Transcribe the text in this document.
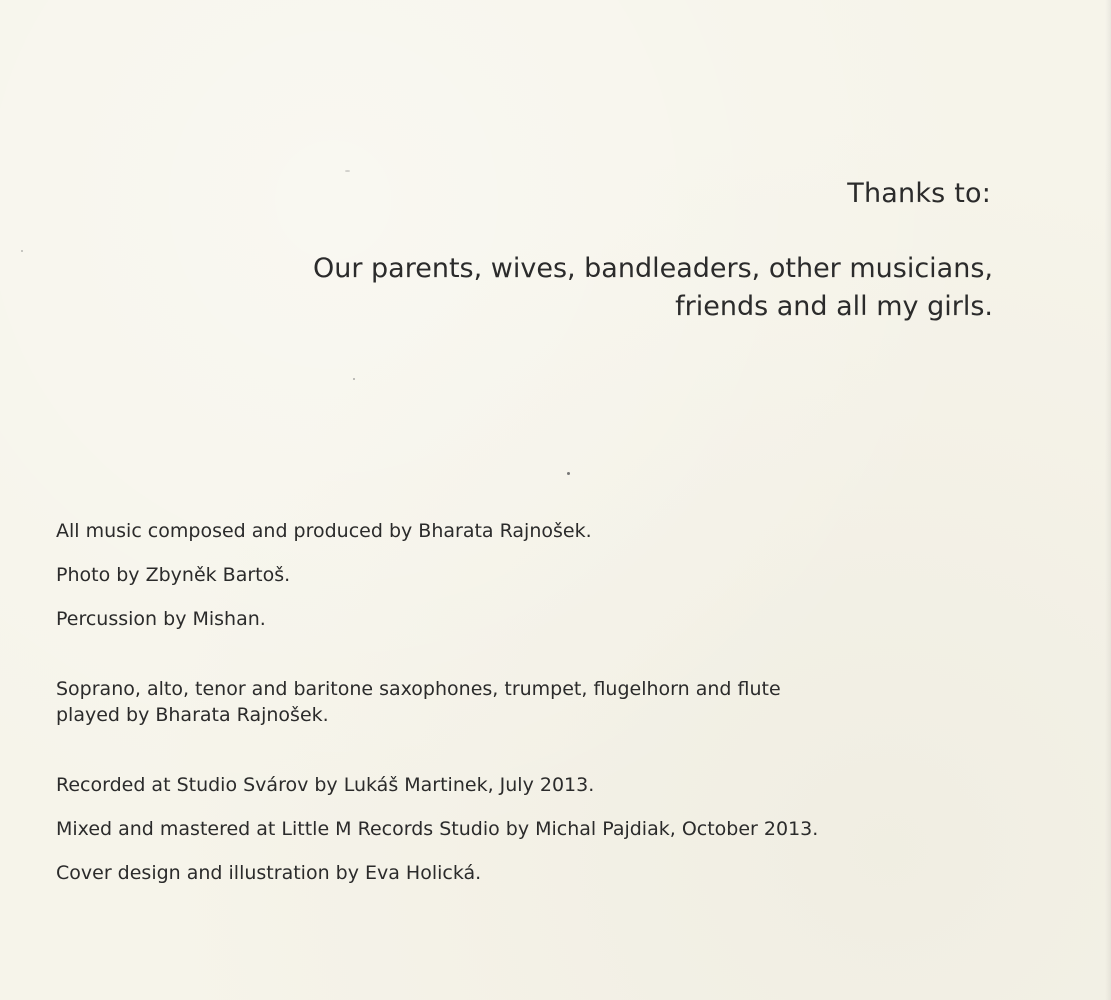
Thanks to:
Our parents, wives, bandleaders, other musicians,
friends and all my girls.
All music composed and produced by Bharata Rajnošek.
Photo by Zbyněk Bartoš.
Percussion by Mishan.
Soprano, alto, tenor and baritone saxophones, trumpet, flugelhorn and flute
played by Bharata Rajnošek.
Recorded at Studio Svárov by Lukáš Martinek, July 2013.
Mixed and mastered at Little M Records Studio by Michal Pajdiak, October 2013.
Cover design and illustration by Eva Holická.
